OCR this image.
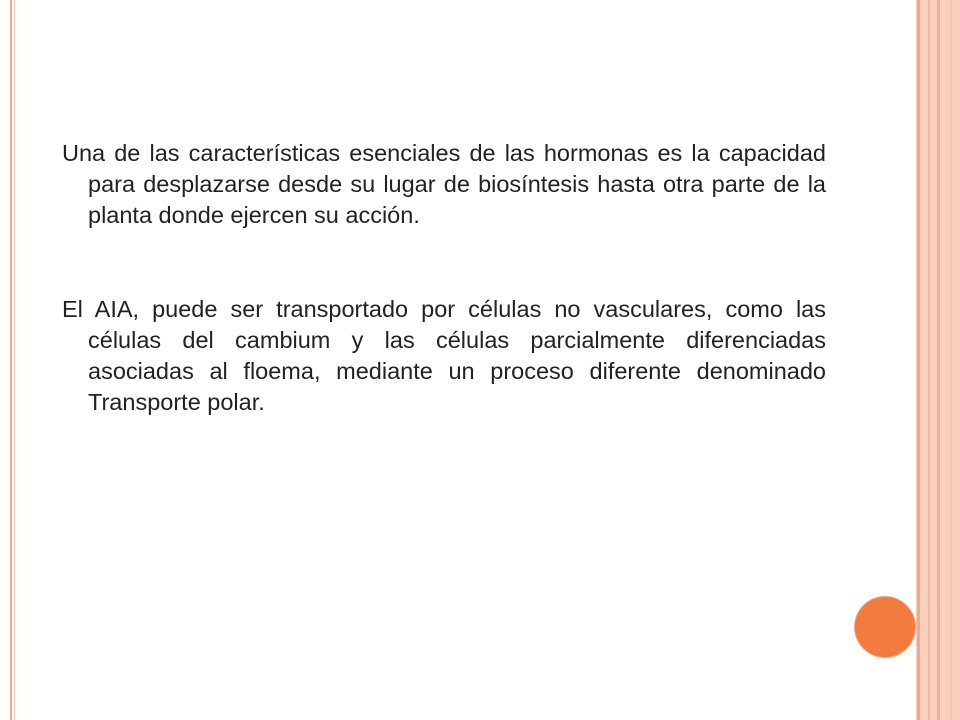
Una de las características esenciales de las hormonas es la capacidad para desplazarse desde su lugar de biosíntesis hasta otra parte de la planta donde ejercen su acción.

El AIA, puede ser transportado por células no vasculares, como las células del cambium y las células parcialmente diferenciadas asociadas al floema, mediante un proceso diferente denominado Transporte polar.
